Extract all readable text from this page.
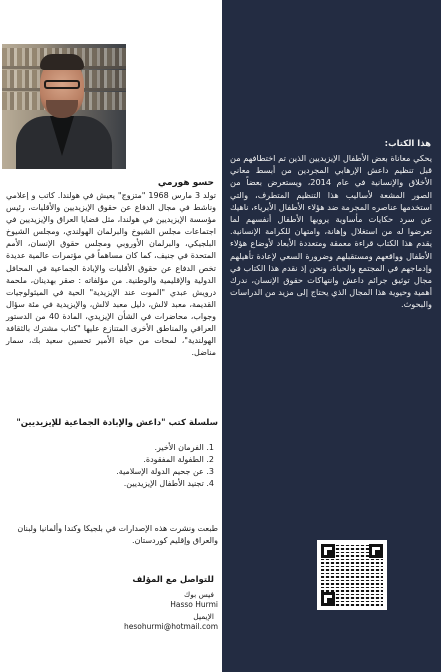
حسو هورمي
تولد 3 مارس 1968 "متزوج" يعيش في هولندا. كاتب و إعلامي وناشط في مجال الدفاع عن حقوق الإيزيديين والأقليات، رئيس مؤسسة الإيزيديين في هولندا، مثل قضايا العراق والإيزيديين في اجتماعات مجلس الشيوخ والبرلمان الهولندي، ومجلس الشيوخ البلجيكي، والبرلمان الأوروبي ومجلس حقوق الإنسان، الأمم المتحدة في جنيف، كما كان مساهماً في مؤتمرات عالمية عديدة تخص الدفاع عن حقوق الأقليات والإبادة الجماعية في المحافل الدولية والإقليمية والوطنية. من مؤلفاته : صقر بهدينان، ملحمة درويش عبدي "الموت عند الإيزيدية" الحية في الميثولوجيات القديمة، معبد لالش، دليل معبد لالش، والإيزيدية في مئة سؤال وجواب، محاضرات في الشأن الإيزيدي، المادة 40 من الدستور العراقي والمناطق الأخرى المتنازع عليها "كتاب مشترك بالثقافة الهولندية"، لمحات من حياة الأمير تحسين سعيد بك، سمار مناضل.
سلسلة كتب "داعش والإبادة الجماعية للإيزيديين"
1. الفرمان الأخير.
2. الطفولة المفقودة.
3. عن جحيم الدولة الإسلامية.
4. تجنيد الأطفال الإيزيديين.
طبعت ونشرت هذه الإصدارات في بلجيكا وكندا وألمانيا ولبنان والعراق وإقليم كوردستان.
للتواصل مع المؤلف
فيس بوك
Hasso Hurmi
الإيميل
hesohurmi@hotmail.com
هذا الكتاب:
يحكي معاناة بعض الأطفال الإيزيديين الذين تم اختطافهم من قبل تنظيم داعش الإرهابي المجردين من أبسط معاني الأخلاق والإنسانية في عام 2014، ويستعرض بعضاً من الصور المشعة لأساليب هذا التنظيم المتطرف، والتي استخدمها عناصره المجرمة ضد هؤلاء الأطفال الأبرياء، ناهيك عن سرد حكايات مأساوية يرويها الأطفال أنفسهم لما تعرضوا له من استغلال وإهانة، وامتهان للكرامة الإنسانية. يقدم هذا الكتاب قراءة معمقة ومتعددة الأبعاد لأوضاع هؤلاء الأطفال وواقعهم ومستقبلهم وضرورة السعي لإعادة تأهيلهم وإدماجهم في المجتمع والحياة، ونحن إذ نقدم هذا الكتاب في مجال توثيق جرائم داعش وانتهاكات حقوق الإنسان، ندرك أهمية وحيوية هذا المجال الذي يحتاج إلى مزيد من الدراسات والبحوث.
